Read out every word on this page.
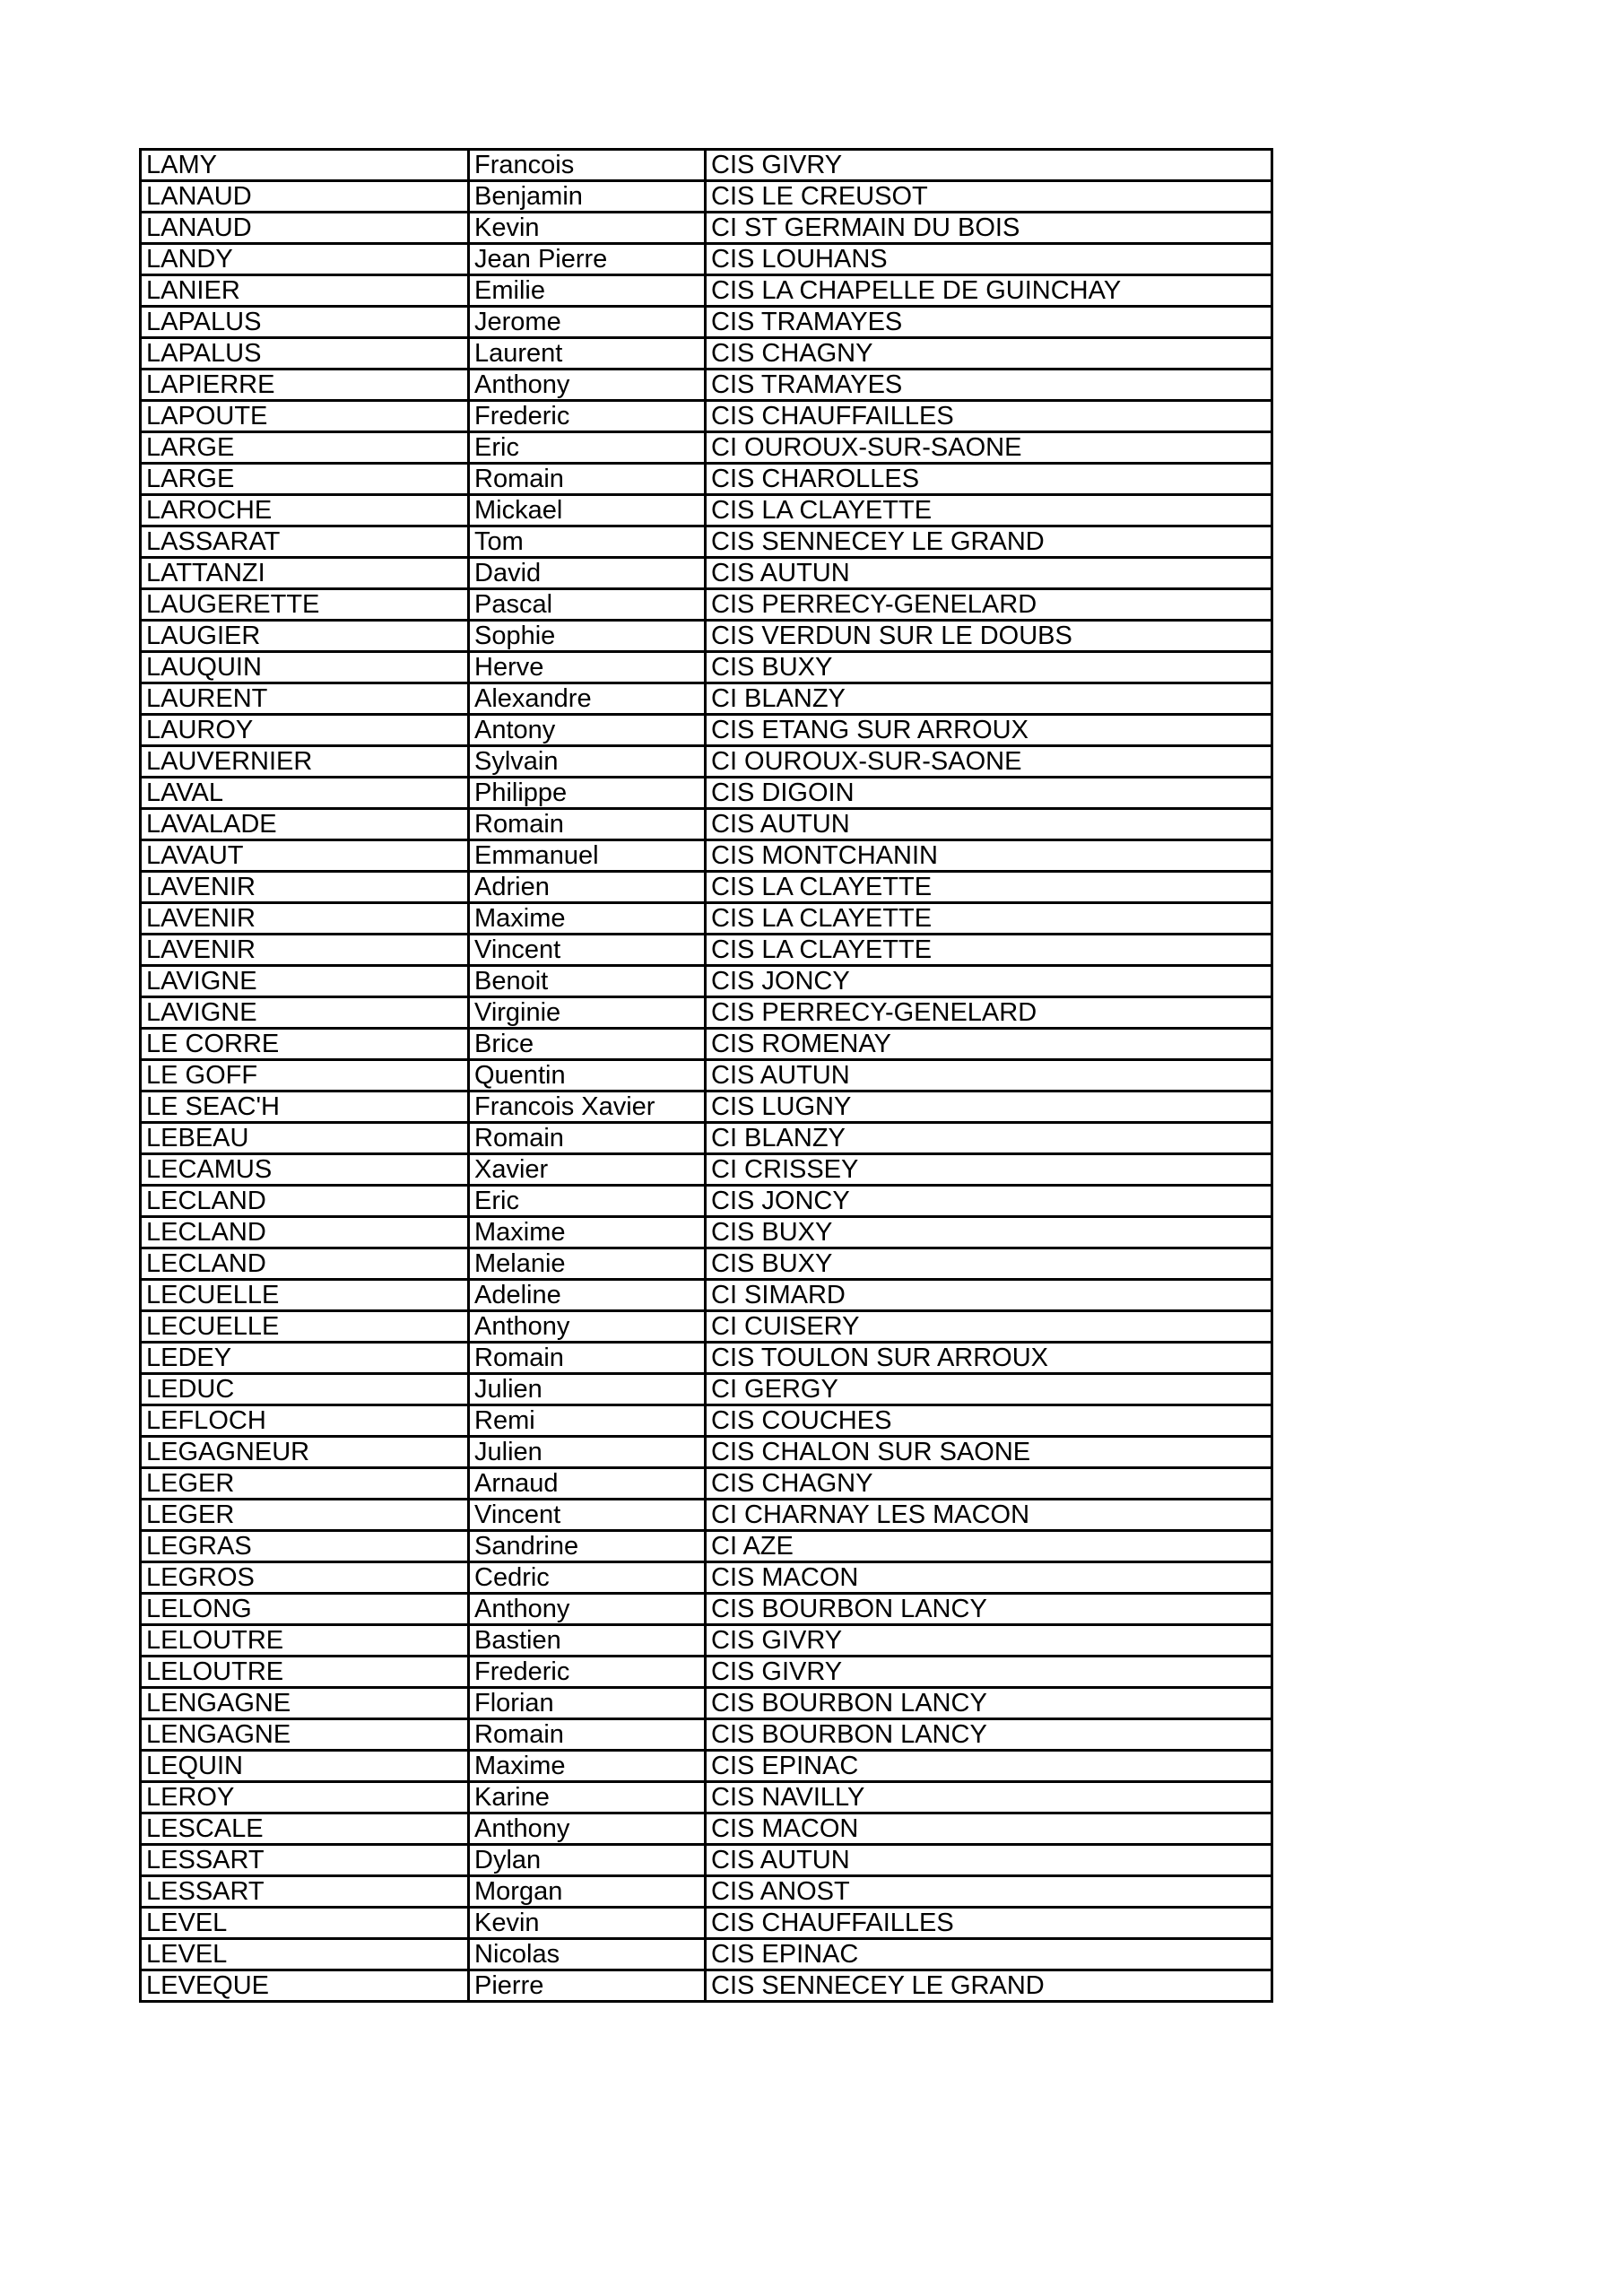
LAMY	Francois	CIS GIVRY
LANAUD	Benjamin	CIS LE CREUSOT
LANAUD	Kevin	CI ST GERMAIN DU BOIS
LANDY	Jean Pierre	CIS LOUHANS
LANIER	Emilie	CIS LA CHAPELLE DE GUINCHAY
LAPALUS	Jerome	CIS TRAMAYES
LAPALUS	Laurent	CIS CHAGNY
LAPIERRE	Anthony	CIS TRAMAYES
LAPOUTE	Frederic	CIS CHAUFFAILLES
LARGE	Eric	CI OUROUX-SUR-SAONE
LARGE	Romain	CIS CHAROLLES
LAROCHE	Mickael	CIS LA CLAYETTE
LASSARAT	Tom	CIS SENNECEY LE GRAND
LATTANZI	David	CIS AUTUN
LAUGERETTE	Pascal	CIS PERRECY-GENELARD
LAUGIER	Sophie	CIS VERDUN SUR LE DOUBS
LAUQUIN	Herve	CIS BUXY
LAURENT	Alexandre	CI BLANZY
LAUROY	Antony	CIS ETANG SUR ARROUX
LAUVERNIER	Sylvain	CI OUROUX-SUR-SAONE
LAVAL	Philippe	CIS DIGOIN
LAVALADE	Romain	CIS AUTUN
LAVAUT	Emmanuel	CIS MONTCHANIN
LAVENIR	Adrien	CIS LA CLAYETTE
LAVENIR	Maxime	CIS LA CLAYETTE
LAVENIR	Vincent	CIS LA CLAYETTE
LAVIGNE	Benoit	CIS JONCY
LAVIGNE	Virginie	CIS PERRECY-GENELARD
LE CORRE	Brice	CIS ROMENAY
LE GOFF	Quentin	CIS AUTUN
LE SEAC'H	Francois Xavier	CIS LUGNY
LEBEAU	Romain	CI BLANZY
LECAMUS	Xavier	CI CRISSEY
LECLAND	Eric	CIS JONCY
LECLAND	Maxime	CIS BUXY
LECLAND	Melanie	CIS BUXY
LECUELLE	Adeline	CI SIMARD
LECUELLE	Anthony	CI CUISERY
LEDEY	Romain	CIS TOULON SUR ARROUX
LEDUC	Julien	CI GERGY
LEFLOCH	Remi	CIS COUCHES
LEGAGNEUR	Julien	CIS CHALON SUR SAONE
LEGER	Arnaud	CIS CHAGNY
LEGER	Vincent	CI CHARNAY LES MACON
LEGRAS	Sandrine	CI AZE
LEGROS	Cedric	CIS MACON
LELONG	Anthony	CIS BOURBON LANCY
LELOUTRE	Bastien	CIS GIVRY
LELOUTRE	Frederic	CIS GIVRY
LENGAGNE	Florian	CIS BOURBON LANCY
LENGAGNE	Romain	CIS BOURBON LANCY
LEQUIN	Maxime	CIS EPINAC
LEROY	Karine	CIS NAVILLY
LESCALE	Anthony	CIS MACON
LESSART	Dylan	CIS AUTUN
LESSART	Morgan	CIS ANOST
LEVEL	Kevin	CIS CHAUFFAILLES
LEVEL	Nicolas	CIS EPINAC
LEVEQUE	Pierre	CIS SENNECEY LE GRAND
